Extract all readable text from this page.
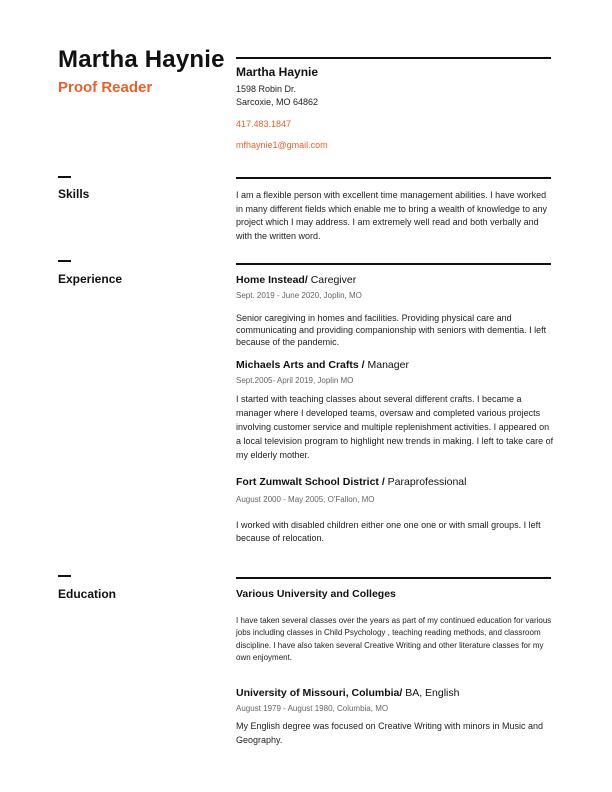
Martha Haynie
Proof Reader
Martha Haynie
1598 Robin Dr.
Sarcoxie, MO 64862
417.483.1847
mfhaynie1@gmail.com
Skills	I am a flexible person with excellent time management abilities. I have worked in many different fields which enable me to bring a wealth of knowledge to any project which I may address. I am extremely well read and both verbally and with the written word.
Experience	Home Instead/ Caregiver
Sept. 2019 - June 2020, Joplin, MO
Senior caregiving in homes and facilities. Providing physical care and communicating and providing companionship with seniors with dementia. I left because of the pandemic.
Michaels Arts and Crafts / Manager
Sept.2005- April 2019, Joplin MO
I started with teaching classes about several different crafts. I became a manager where I developed teams, oversaw and completed various projects involving customer service and multiple replenishment activities. I appeared on a local television program to highlight new trends in making. I left to take care of my elderly mother.
Fort Zumwalt School District / Paraprofessional
August 2000 - May 2005, O'Fallon, MO
I worked with disabled children either one one one or with small groups. I left because of relocation.
Education	Various University and Colleges
I have taken several classes over the years as part of my continued education for various jobs including classes in Child Psychology , teaching reading methods, and classroom discipline. I have also taken several Creative Writing and other literature classes for my own enjoyment.
University of Missouri, Columbia/ BA, English
August 1979 - August 1980, Columbia, MO
My English degree was focused on Creative Writing with minors in Music and Geography.
